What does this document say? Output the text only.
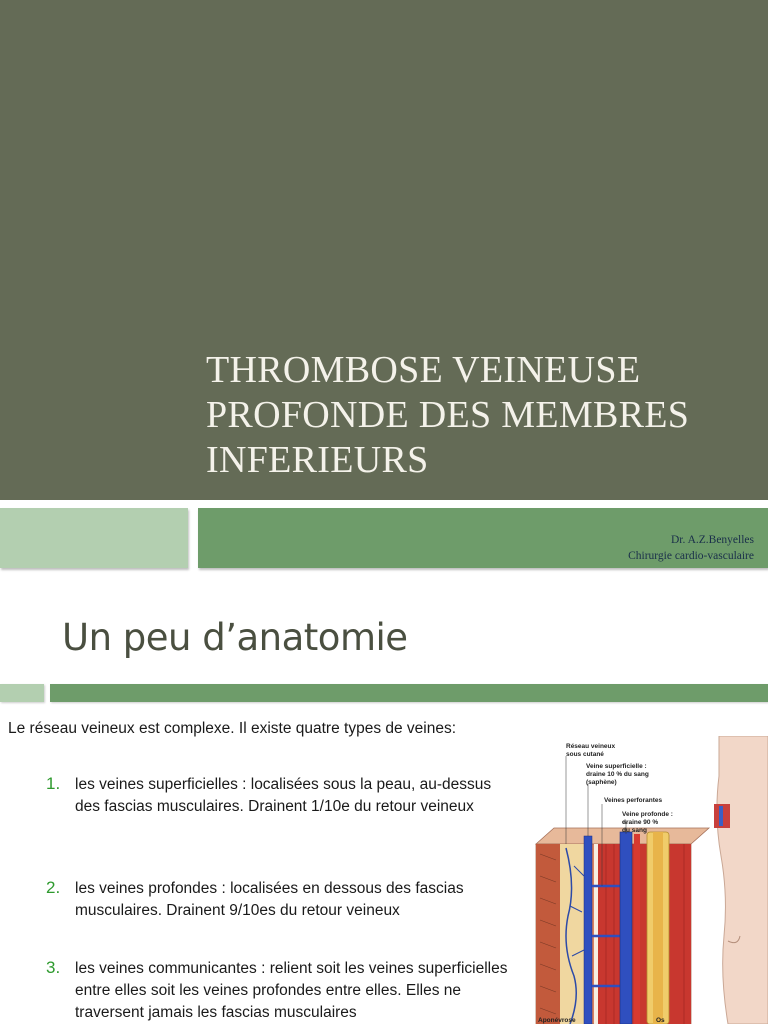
THROMBOSE VEINEUSE
PROFONDE DES MEMBRES
INFERIEURS
Dr. A.Z.Benyelles
Chirurgie cardio-vasculaire
Un peu d’anatomie
Le réseau veineux est complexe. Il existe quatre types de veines:
1. les veines superficielles : localisées sous la peau, au-dessus des fascias musculaires. Drainent 1/10e du retour veineux
2. les veines profondes : localisées en dessous des fascias musculaires. Drainent 9/10es du retour veineux
3. les veines communicantes : relient soit les veines superficielles entre elles soit les veines profondes entre elles. Elles ne traversent jamais les fascias musculaires
Réseau veineux
sous cutané
Veine superficielle :
draine 10 % du sang
(saphène)
Veines perforantes
Veine profonde :
draine 90 %
du sang
Aponévrose	Os
